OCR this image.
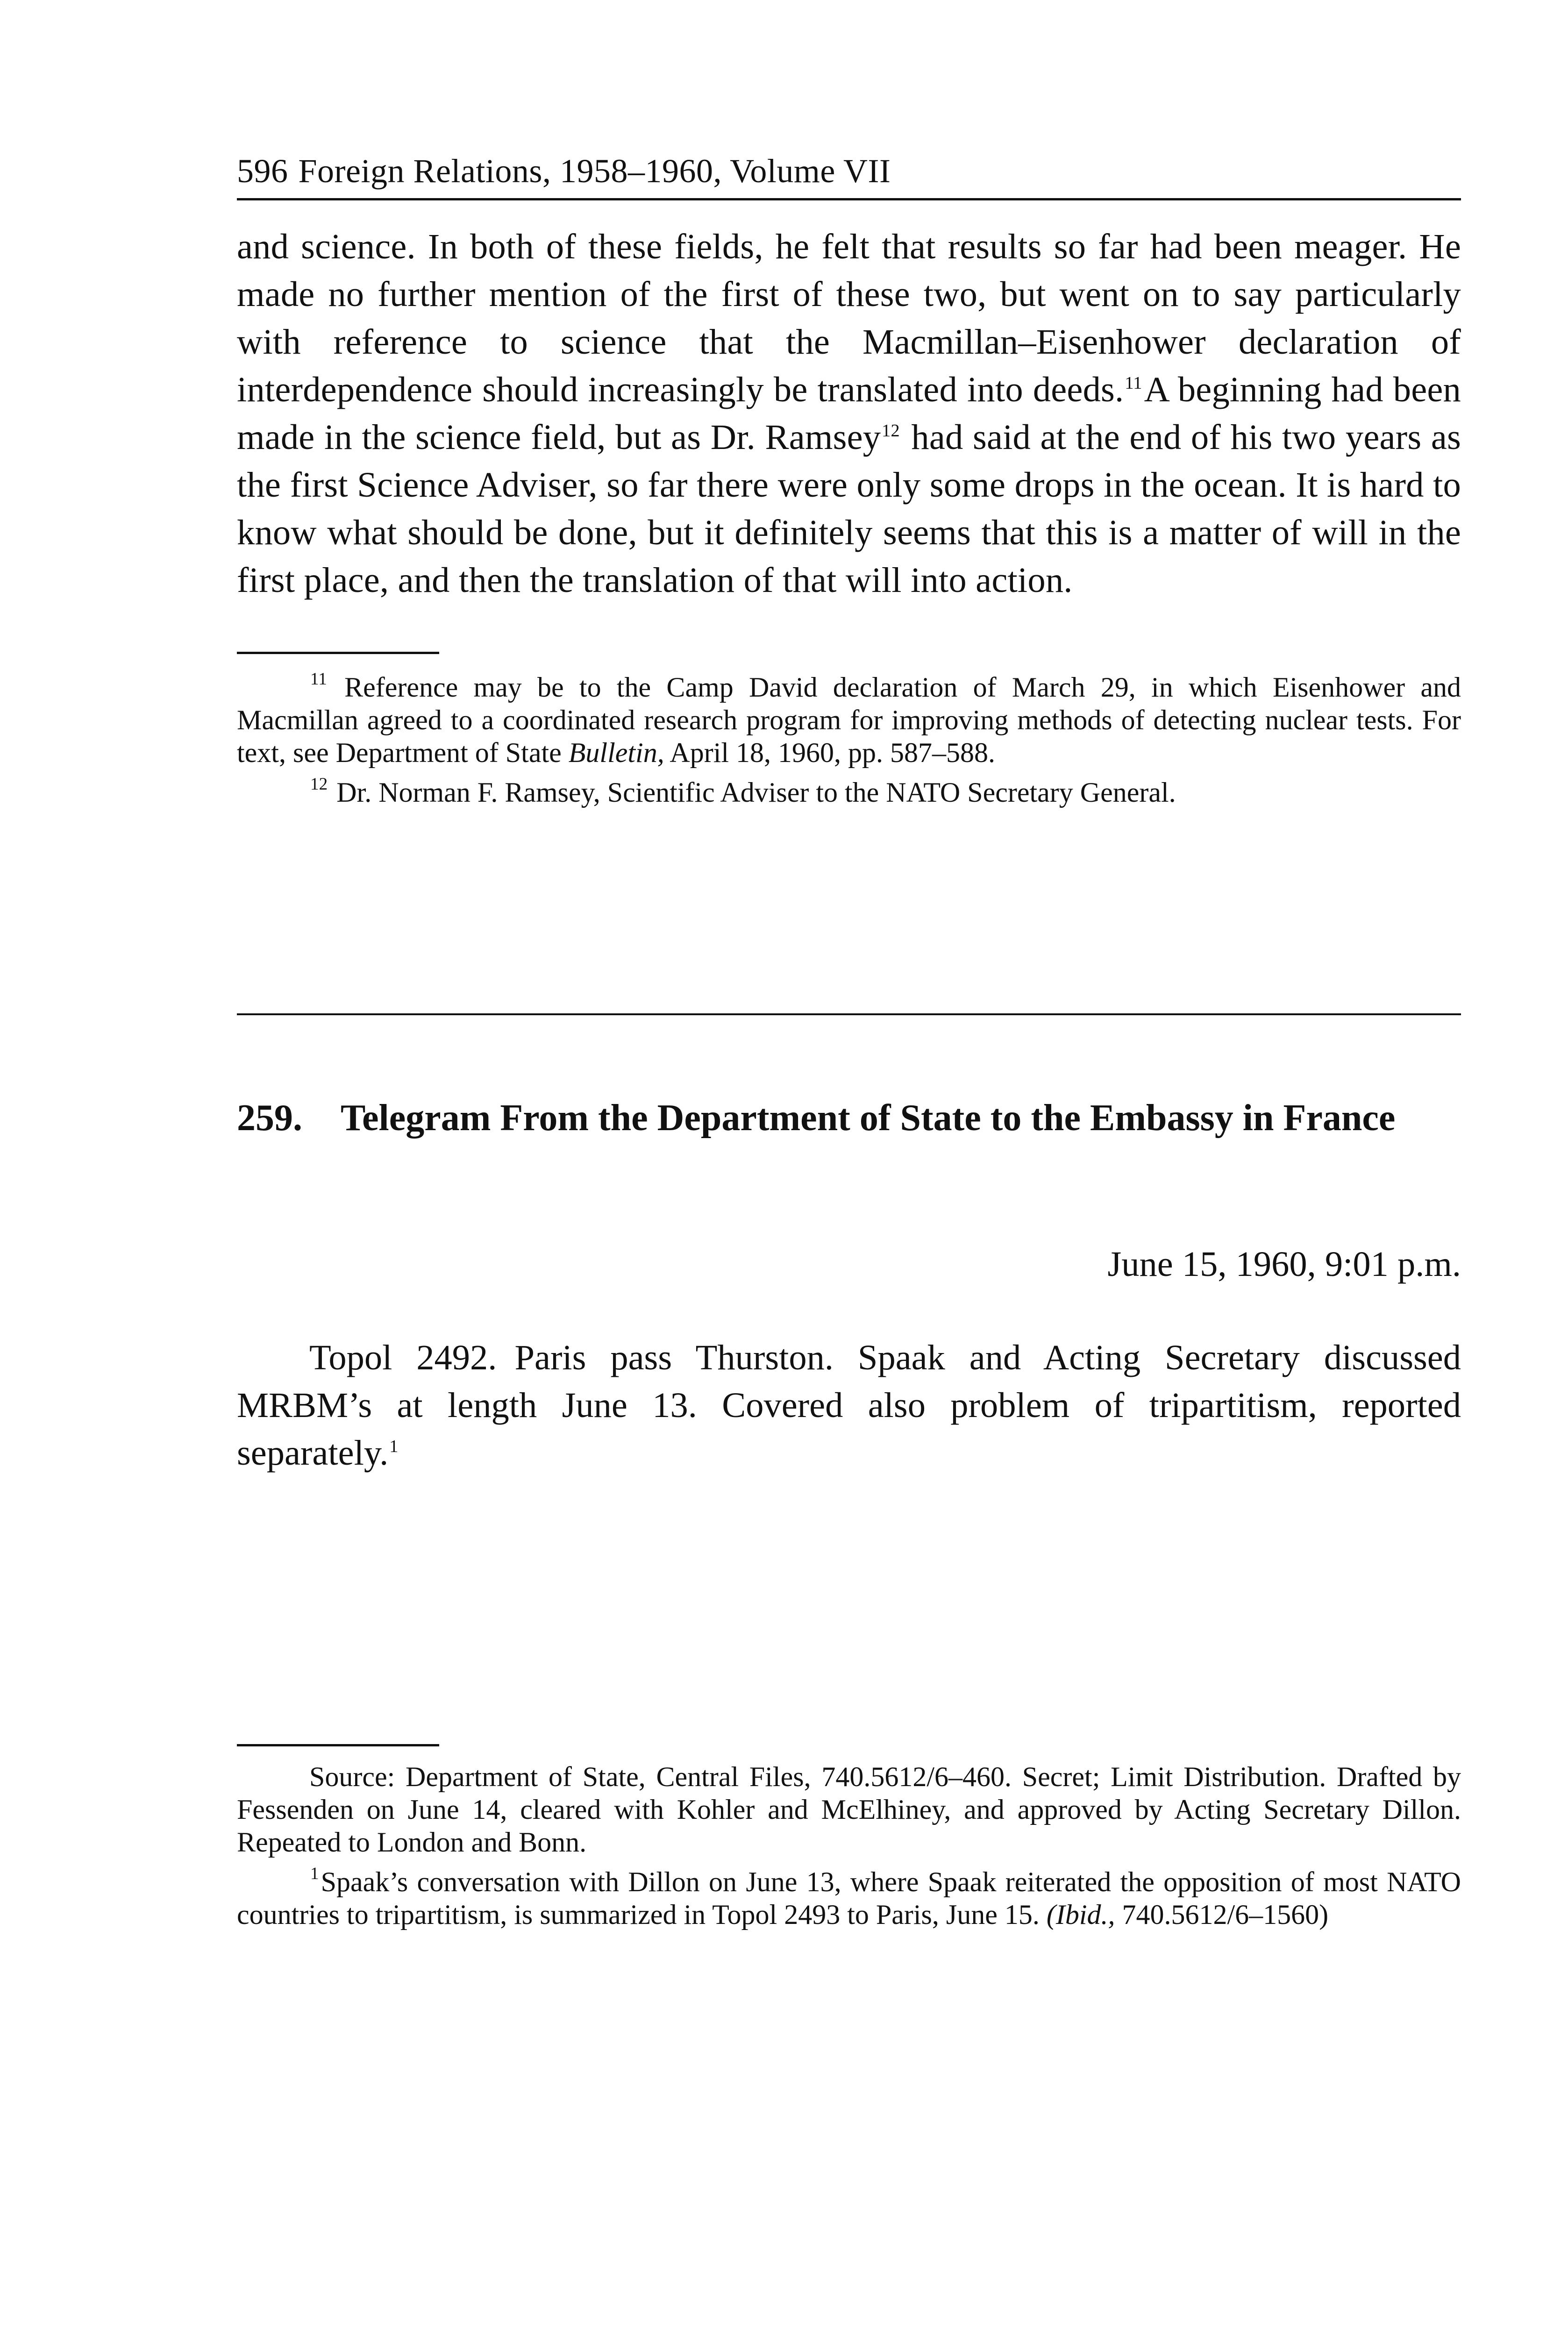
596 Foreign Relations, 1958–1960, Volume VII

and science. In both of these fields, he felt that results so far had been meager. He made no further mention of the first of these two, but went on to say particularly with reference to science that the Macmillan–Eisenhower declaration of interdependence should increasingly be translated into deeds.$^{11}$A beginning had been made in the science field, but as Dr. Ramsey$^{12}$ had said at the end of his two years as the first Science Adviser, so far there were only some drops in the ocean. It is hard to know what should be done, but it definitely seems that this is a matter of will in the first place, and then the translation of that will into action.

$^{11}$ Reference may be to the Camp David declaration of March 29, in which Eisenhower and Macmillan agreed to a coordinated research program for improving methods of detecting nuclear tests. For text, see Department of State Bulletin, April 18, 1960, pp. 587–588.

$^{12}$ Dr. Norman F. Ramsey, Scientific Adviser to the NATO Secretary General.

259.	Telegram From the Department of State to the Embassy in France
June 15, 1960, 9:01 p.m.

Topol 2492. Paris pass Thurston. Spaak and Acting Secretary discussed MRBM’s at length June 13. Covered also problem of tripartitism, reported separately.$^1$

Source: Department of State, Central Files, 740.5612/6–460. Secret; Limit Distribution. Drafted by Fessenden on June 14, cleared with Kohler and McElhiney, and approved by Acting Secretary Dillon. Repeated to London and Bonn.

$^1$Spaak’s conversation with Dillon on June 13, where Spaak reiterated the opposition of most NATO countries to tripartitism, is summarized in Topol 2493 to Paris, June 15. (Ibid., 740.5612/6–1560)
